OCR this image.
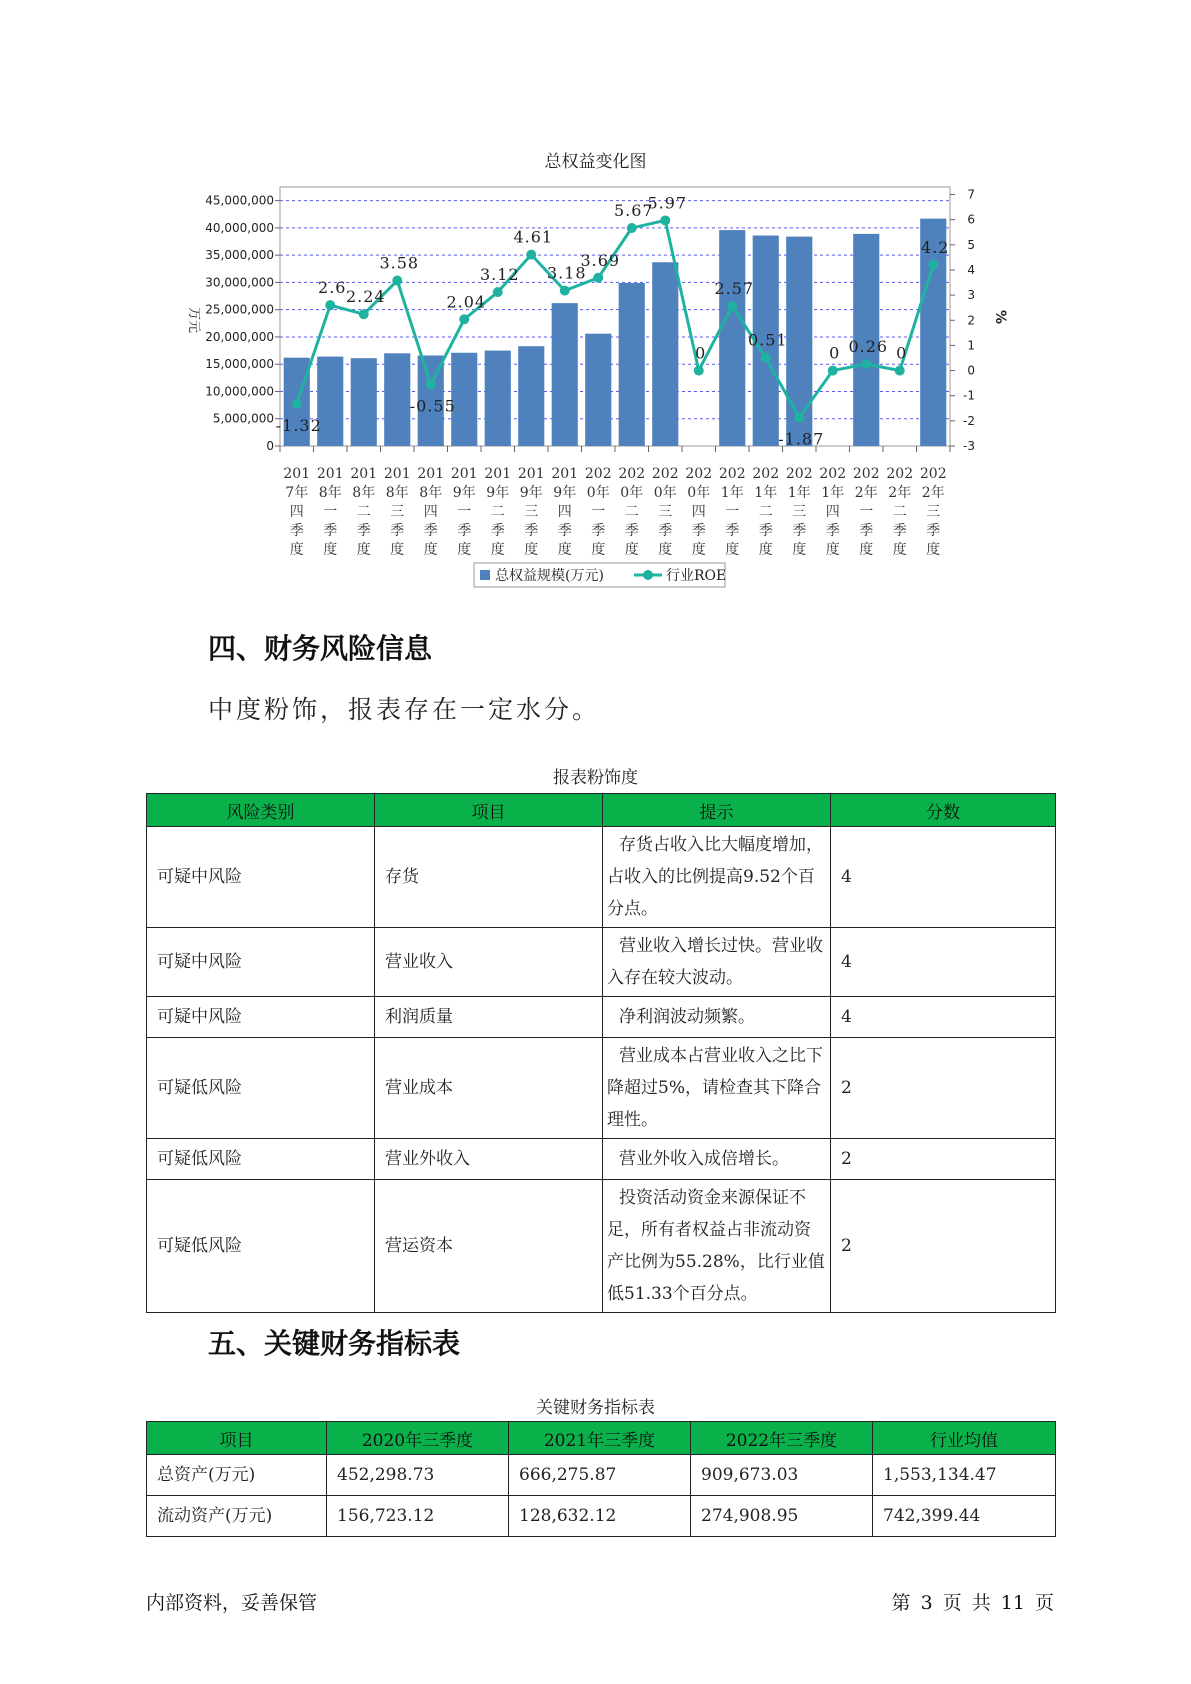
总权益变化图
0
5,000,000
10,000,000
15,000,000
20,000,000
25,000,000
30,000,000
35,000,000
40,000,000
45,000,000
-3
-2
-1
0
1
2
3
4
5
6
7
万元	%
201
7年
四
季
度
201
8年
一
季
度
201
8年
二
季
度
201
8年
三
季
度
201
8年
四
季
度
201
9年
一
季
度
201
9年
二
季
度
201
9年
三
季
度
201
9年
四
季
度
202
0年
一
季
度
202
0年
二
季
度
202
0年
三
季
度
202
0年
四
季
度
202
1年
一
季
度
202
1年
二
季
度
202
1年
三
季
度
202
1年
四
季
度
202
2年
一
季
度
202
2年
二
季
度
202
2年
三
季
度
-1.32
2.6 2.24
3.58
-0.55
2.04
3.12
4.61
3.18
3.69
5.67
5.97
0
2.57
0.51
-1.87
0 0.26 0
4.2
总权益规模(万元)	行业ROE
四、财务风险信息
中度粉饰，报表存在一定水分。
报表粉饰度
风险类别	项目	提示	分数
可疑中风险	存货	存货占收入比大幅度增加，占收入的比例提高9.52个百分点。	4
可疑中风险	营业收入	营业收入增长过快。营业收入存在较大波动。	4
可疑中风险	利润质量	净利润波动频繁。	4
可疑低风险	营业成本	营业成本占营业收入之比下降超过5%，请检查其下降合理性。	2
可疑低风险	营业外收入	营业外收入成倍增长。	2
可疑低风险	营运资本	投资活动资金来源保证不足，所有者权益占非流动资产比例为55.28%，比行业值低51.33个百分点。	2
五、关键财务指标表
关键财务指标表
项目	2020年三季度	2021年三季度	2022年三季度	行业均值
总资产(万元)	452,298.73	666,275.87	909,673.03	1,553,134.47
流动资产(万元)	156,723.12	128,632.12	274,908.95	742,399.44
内部资料，妥善保管	第 3 页 共 11 页
